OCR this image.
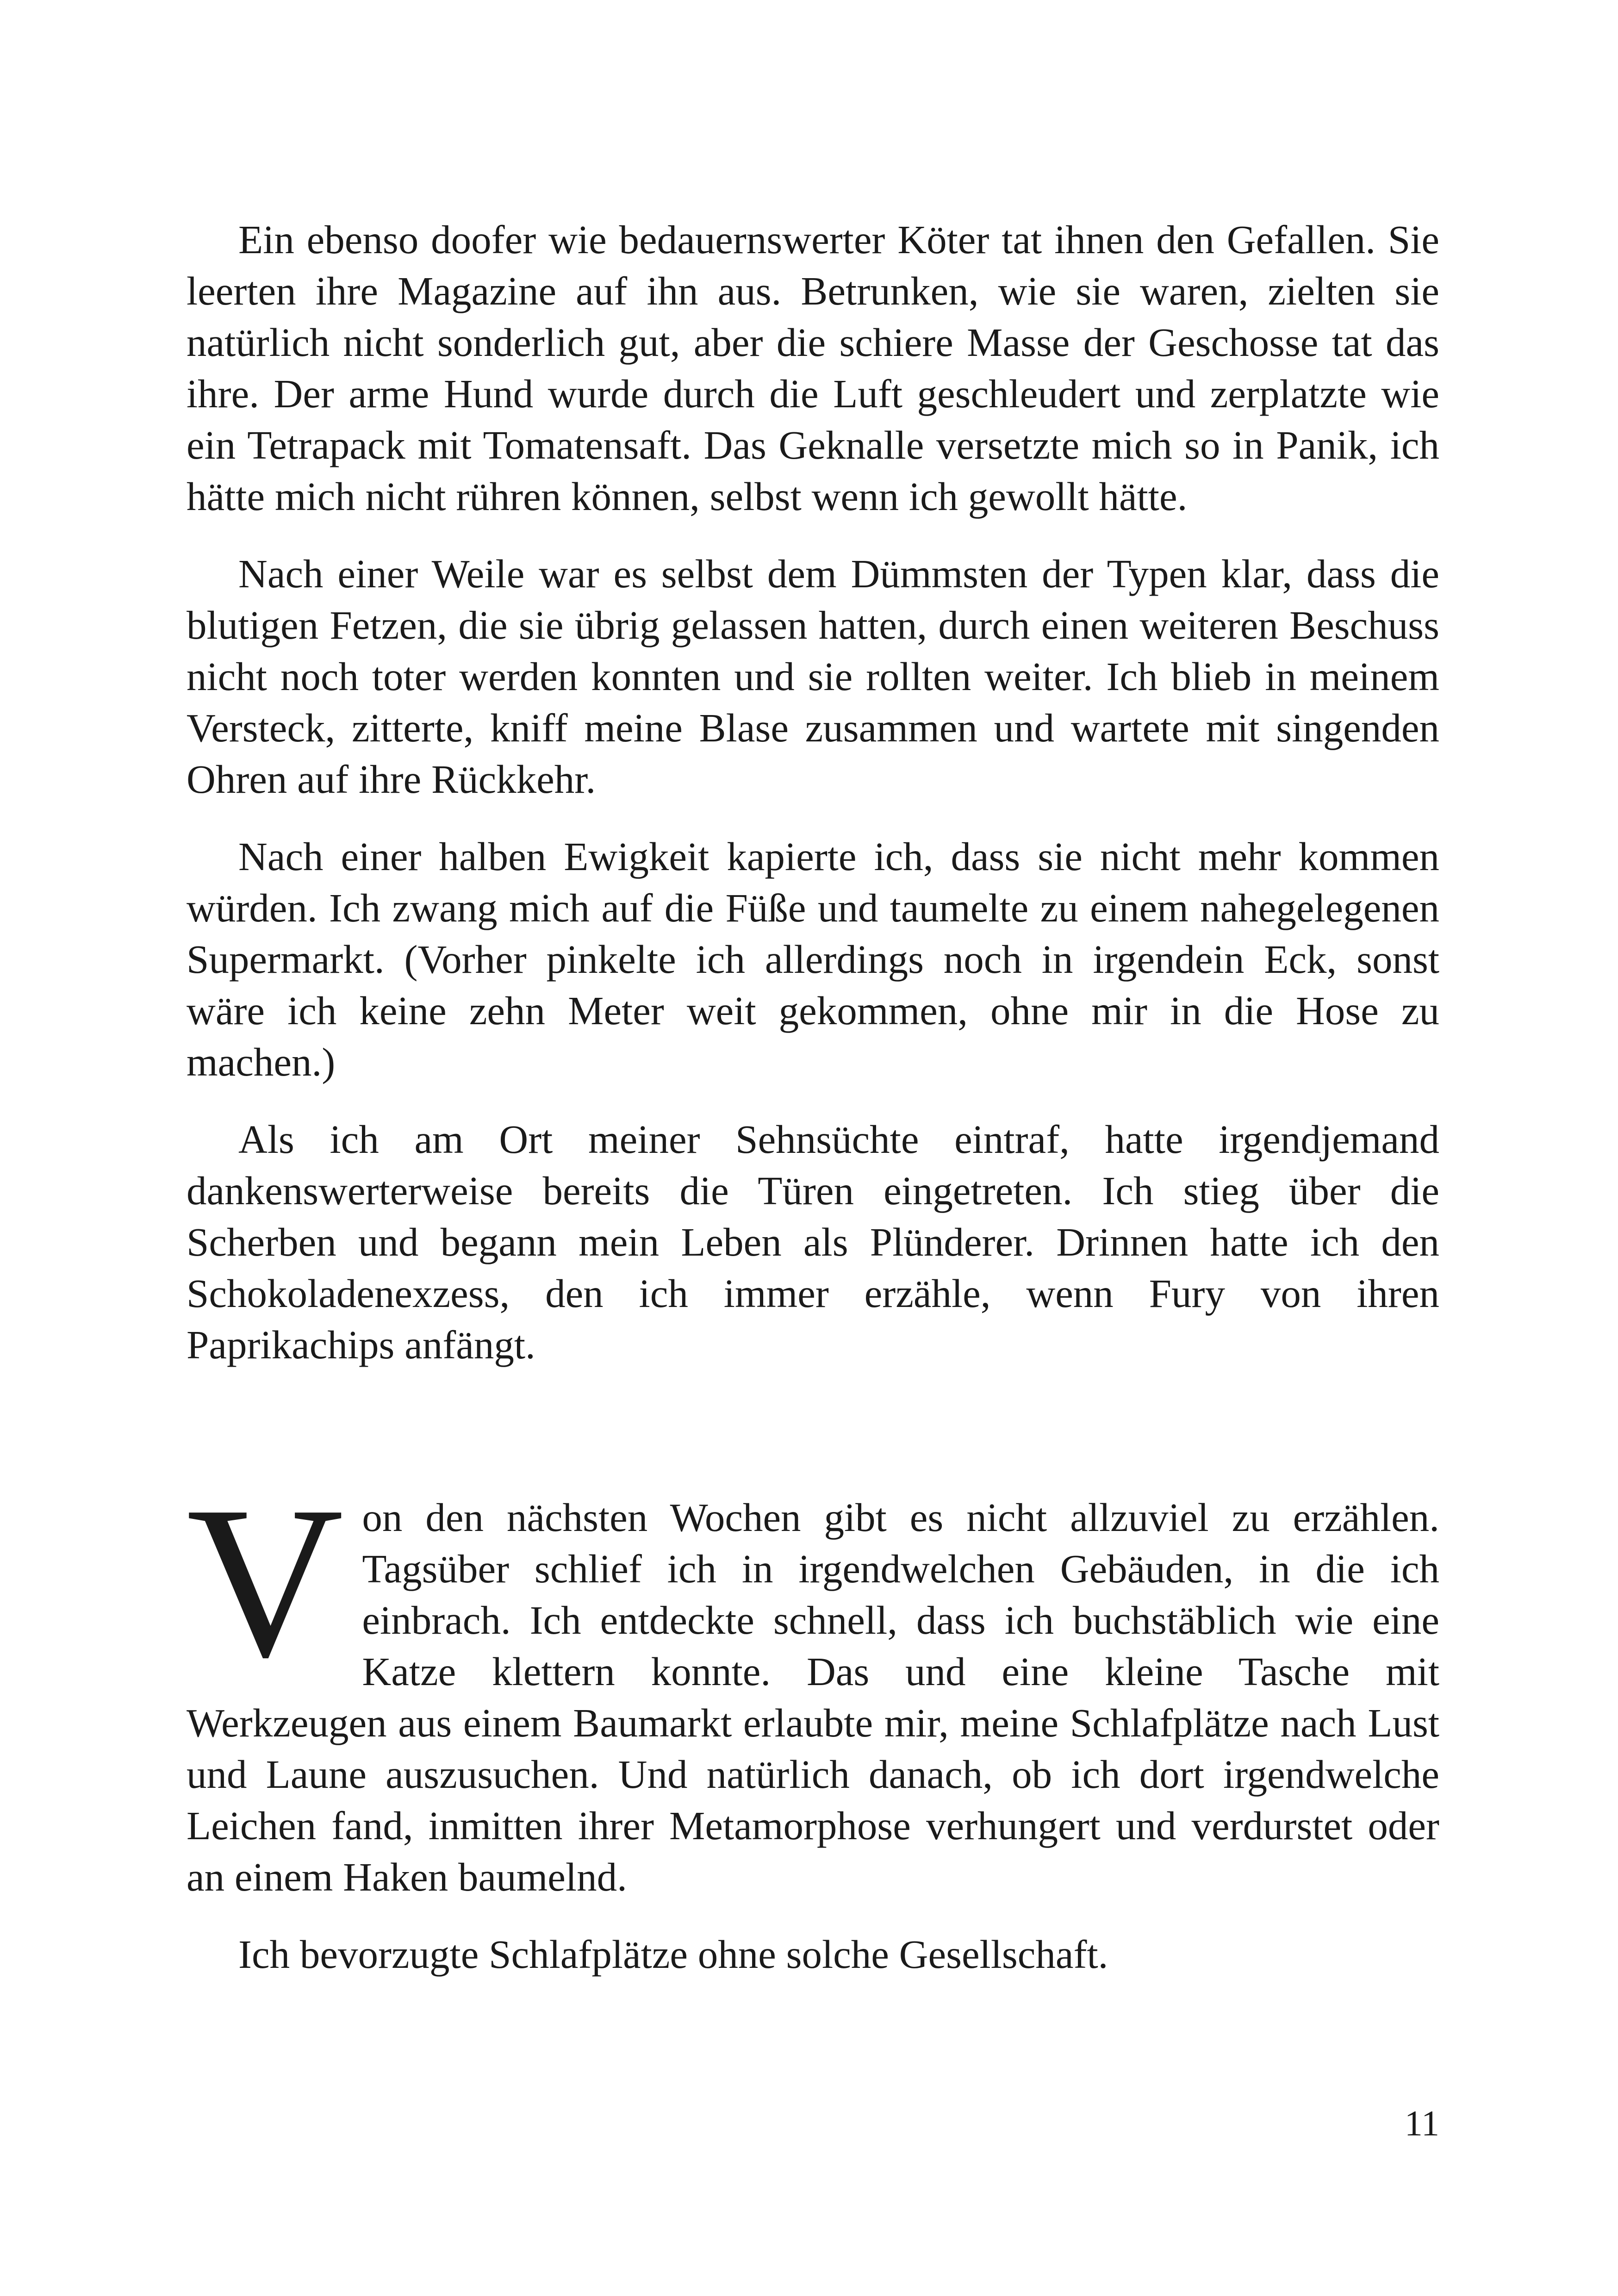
Ein ebenso doofer wie bedauernswerter Köter tat ihnen den Gefallen. Sie leerten ihre Magazine auf ihn aus. Betrunken, wie sie waren, zielten sie natürlich nicht sonderlich gut, aber die schiere Masse der Geschosse tat das ihre. Der arme Hund wurde durch die Luft geschleudert und zerplatzte wie ein Tetrapack mit Tomatensaft. Das Geknalle versetzte mich so in Panik, ich hätte mich nicht rühren können, selbst wenn ich gewollt hätte.

Nach einer Weile war es selbst dem Dümmsten der Typen klar, dass die blutigen Fetzen, die sie übrig gelassen hatten, durch einen weiteren Beschuss nicht noch toter werden konnten und sie rollten weiter. Ich blieb in meinem Versteck, zitterte, kniff meine Blase zusammen und wartete mit singenden Ohren auf ihre Rückkehr.

Nach einer halben Ewigkeit kapierte ich, dass sie nicht mehr kommen würden. Ich zwang mich auf die Füße und taumelte zu einem nahegelegenen Supermarkt. (Vorher pinkelte ich allerdings noch in irgendein Eck, sonst wäre ich keine zehn Meter weit gekommen, ohne mir in die Hose zu machen.)

Als ich am Ort meiner Sehnsüchte eintraf, hatte irgendjemand dankenswerterweise bereits die Türen eingetreten. Ich stieg über die Scherben und begann mein Leben als Plünderer. Drinnen hatte ich den Schokoladenexzess, den ich immer erzähle, wenn Fury von ihren Paprikachips anfängt.

Von den nächsten Wochen gibt es nicht allzuviel zu erzählen. Tagsüber schlief ich in irgendwelchen Gebäuden, in die ich einbrach. Ich entdeckte schnell, dass ich buchstäblich wie eine Katze klettern konnte. Das und eine kleine Tasche mit Werkzeugen aus einem Baumarkt erlaubte mir, meine Schlafplätze nach Lust und Laune auszusuchen. Und natürlich danach, ob ich dort irgendwelche Leichen fand, inmitten ihrer Metamorphose verhungert und verdurstet oder an einem Haken baumelnd.

Ich bevorzugte Schlafplätze ohne solche Gesellschaft.

11
